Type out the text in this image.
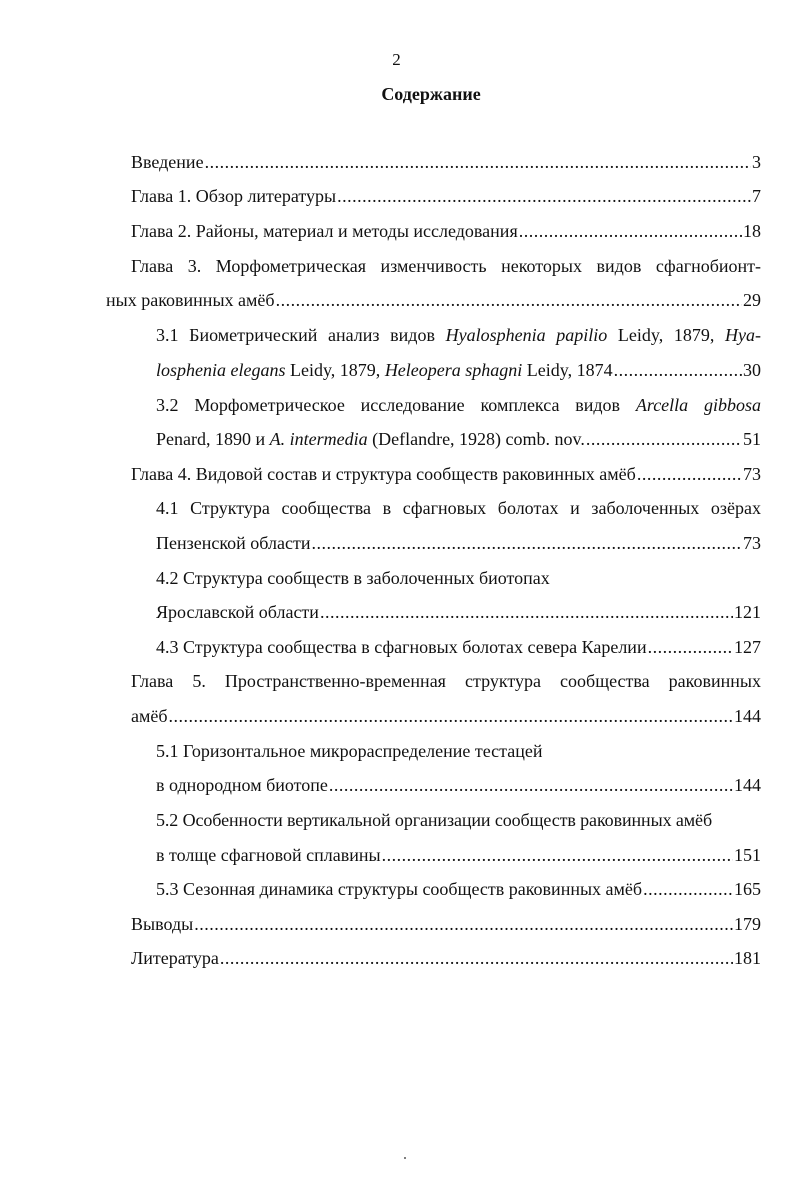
2
Содержание
Введение .....	3
Глава 1. Обзор литературы .....	7
Глава 2. Районы, материал и методы исследования .....	18
Глава 3. Морфометрическая изменчивость некоторых видов сфагнобионт-
ных раковинных амёб .....	29
3.1 Биометрический анализ видов Hyalosphenia papilio Leidy, 1879, Hya-
losphenia elegans Leidy, 1879, Heleopera sphagni Leidy, 1874 .....	30
3.2 Морфометрическое исследование комплекса видов Arcella gibbosa
Penard, 1890 и A. intermedia (Deflandre, 1928) comb. nov. .....	51
Глава 4. Видовой состав и структура сообществ раковинных амёб .....	73
4.1 Структура сообщества в сфагновых болотах и заболоченных озёрах
Пензенской области .....	73
4.2 Структура сообществ в заболоченных биотопах
Ярославской области .....	121
4.3 Структура сообщества в сфагновых болотах севера Карелии .....	127
Глава 5. Пространственно-временная структура сообщества раковинных
амёб .....	144
5.1 Горизонтальное микрораспределение тестацей
в однородном биотопе .....	144
5.2 Особенности вертикальной организации сообществ раковинных амёб
в толще сфагновой сплавины .....	151
5.3 Сезонная динамика структуры сообществ раковинных амёб .....	165
Выводы .....	179
Литература .....	181
